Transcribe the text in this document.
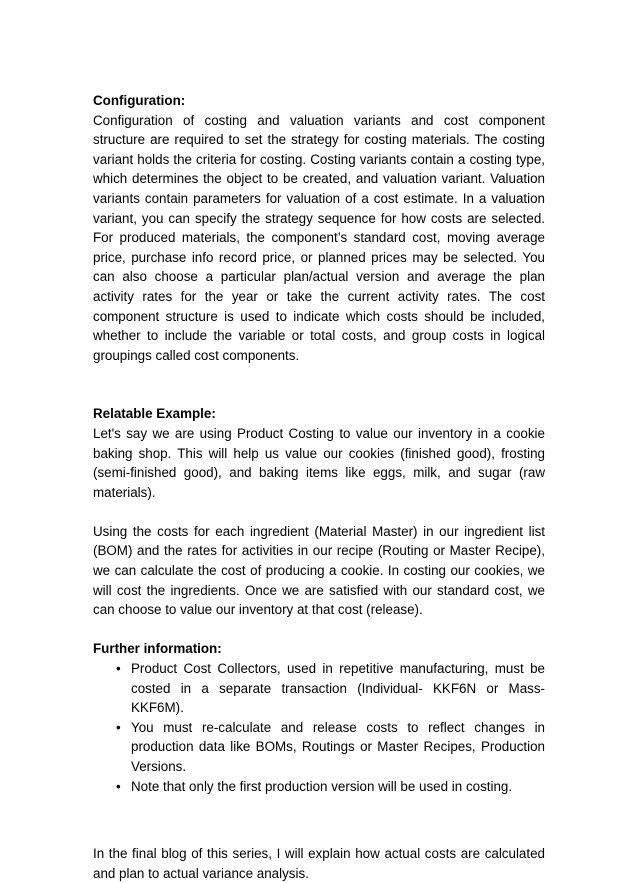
Configuration:

Configuration of costing and valuation variants and cost component structure are required to set the strategy for costing materials. The costing variant holds the criteria for costing. Costing variants contain a costing type, which determines the object to be created, and valuation variant. Valuation variants contain parameters for valuation of a cost estimate. In a valuation variant, you can specify the strategy sequence for how costs are selected. For produced materials, the component’s standard cost, moving average price, purchase info record price, or planned prices may be selected. You can also choose a particular plan/actual version and average the plan activity rates for the year or take the current activity rates. The cost component structure is used to indicate which costs should be included, whether to include the variable or total costs, and group costs in logical groupings called cost components.

Relatable Example:

Let's say we are using Product Costing to value our inventory in a cookie baking shop. This will help us value our cookies (finished good), frosting (semi-finished good), and baking items like eggs, milk, and sugar (raw materials).

Using the costs for each ingredient (Material Master) in our ingredient list (BOM) and the rates for activities in our recipe (Routing or Master Recipe), we can calculate the cost of producing a cookie. In costing our cookies, we will cost the ingredients. Once we are satisfied with our standard cost, we can choose to value our inventory at that cost (release).

Further information:

• Product Cost Collectors, used in repetitive manufacturing, must be costed in a separate transaction (Individual- KKF6N or Mass- KKF6M).
• You must re-calculate and release costs to reflect changes in production data like BOMs, Routings or Master Recipes, Production Versions.
• Note that only the first production version will be used in costing.

In the final blog of this series, I will explain how actual costs are calculated and plan to actual variance analysis.
